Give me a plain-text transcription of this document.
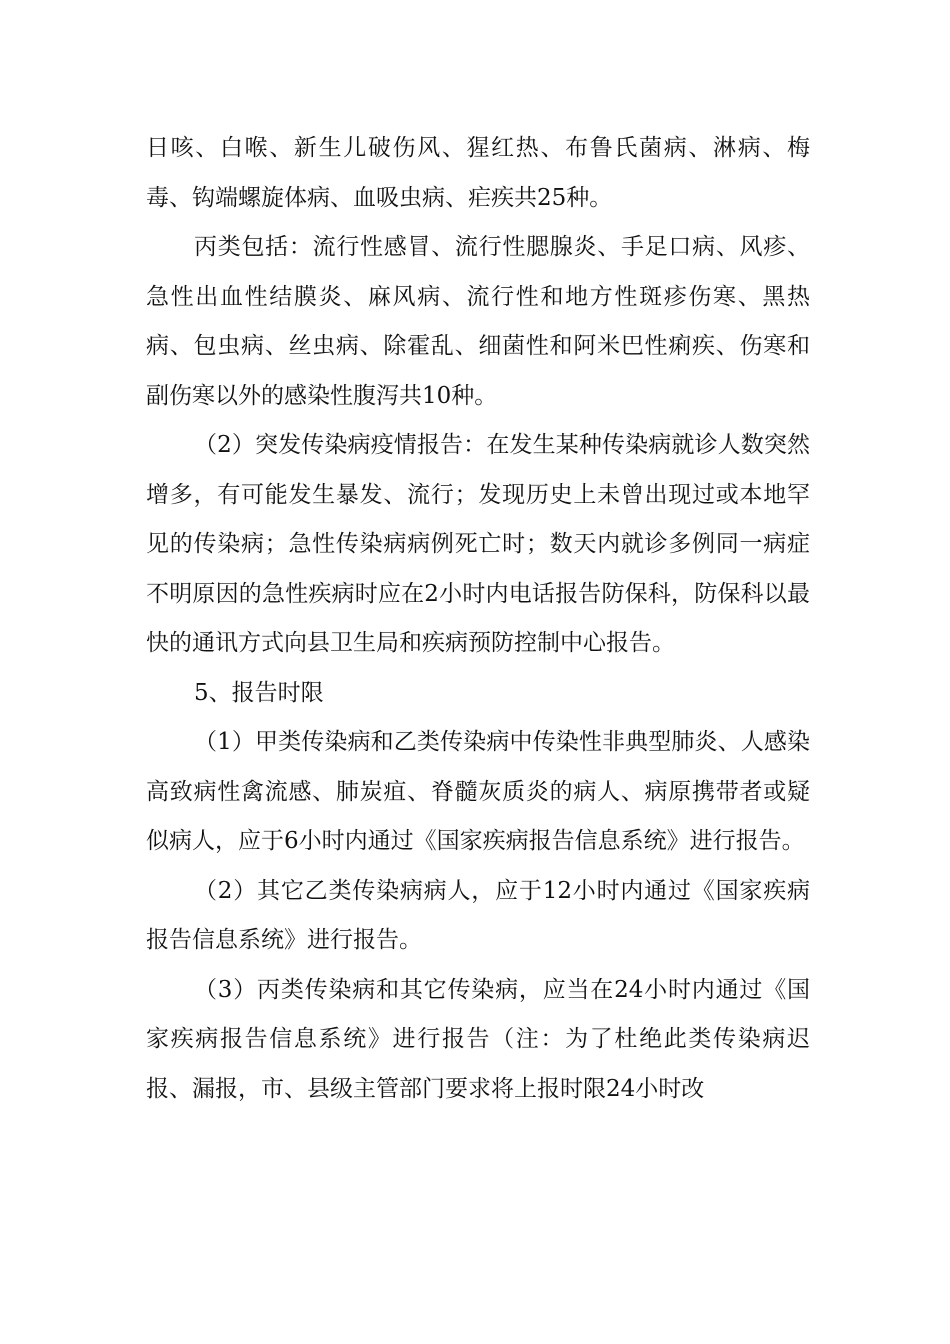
日咳、白喉、新生儿破伤风、猩红热、布鲁氏菌病、淋病、梅毒、钩端螺旋体病、血吸虫病、疟疾共25种。

丙类包括：流行性感冒、流行性腮腺炎、手足口病、风疹、急性出血性结膜炎、麻风病、流行性和地方性斑疹伤寒、黑热病、包虫病、丝虫病、除霍乱、细菌性和阿米巴性痢疾、伤寒和副伤寒以外的感染性腹泻共10种。

（2）突发传染病疫情报告：在发生某种传染病就诊人数突然增多，有可能发生暴发、流行；发现历史上未曾出现过或本地罕见的传染病；急性传染病病例死亡时；数天内就诊多例同一病症不明原因的急性疾病时应在2小时内电话报告防保科，防保科以最快的通讯方式向县卫生局和疾病预防控制中心报告。

5、报告时限

（1）甲类传染病和乙类传染病中传染性非典型肺炎、人感染高致病性禽流感、肺炭疽、脊髓灰质炎的病人、病原携带者或疑似病人，应于6小时内通过《国家疾病报告信息系统》进行报告。

（2）其它乙类传染病病人，应于12小时内通过《国家疾病报告信息系统》进行报告。

（3）丙类传染病和其它传染病，应当在24小时内通过《国家疾病报告信息系统》进行报告（注：为了杜绝此类传染病迟报、漏报，市、县级主管部门要求将上报时限24小时改
